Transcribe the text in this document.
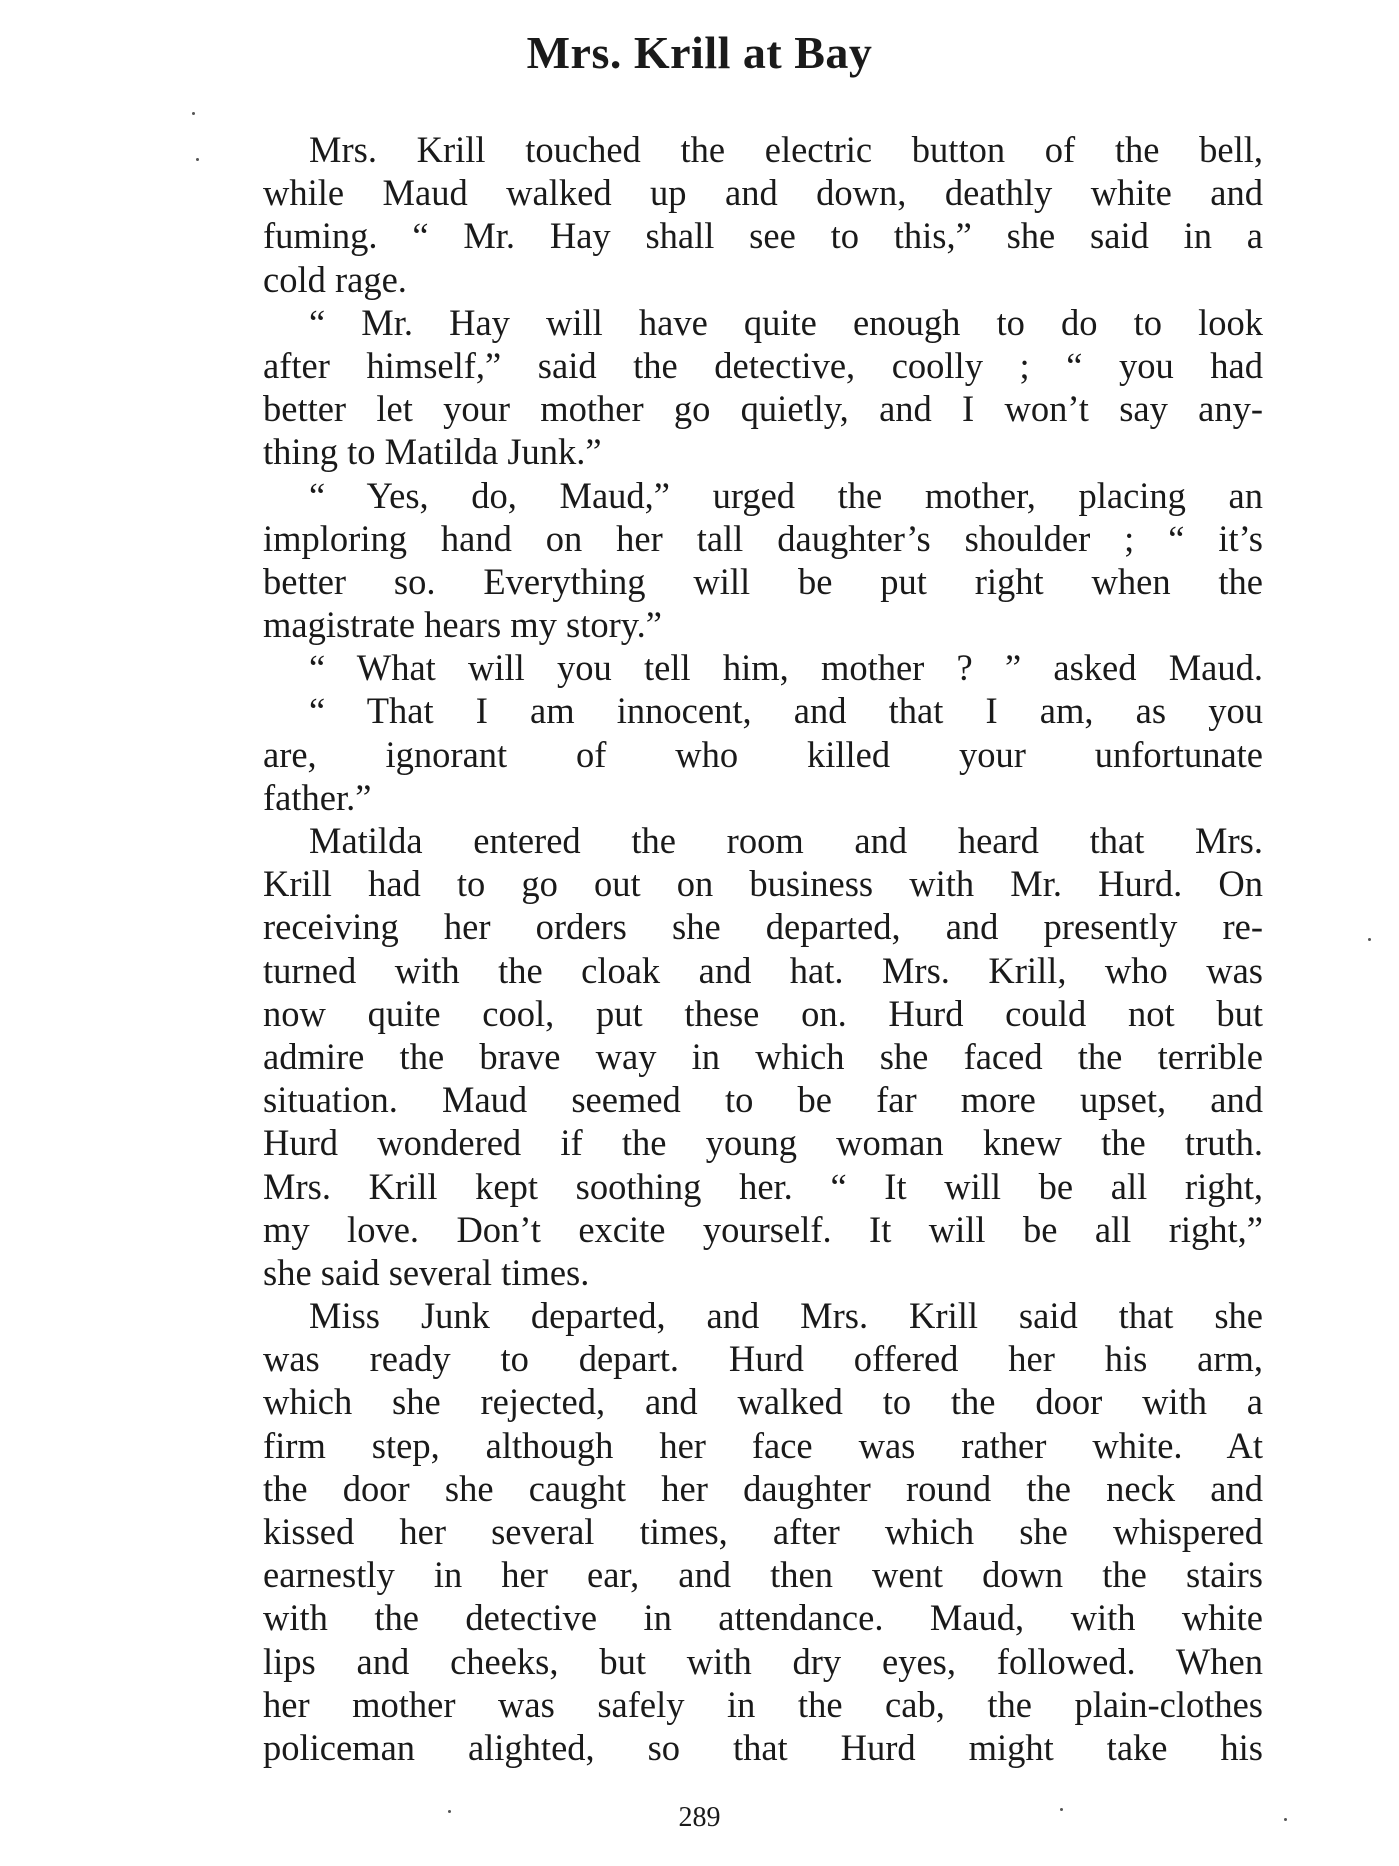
Mrs. Krill at Bay
Mrs. Krill touched the electric button of the bell,
while Maud walked up and down, deathly white and
fuming. “ Mr. Hay shall see to this,” she said in a
cold rage.
“ Mr. Hay will have quite enough to do to look
after himself,” said the detective, coolly ; “ you had
better let your mother go quietly, and I won’t say any-
thing to Matilda Junk.”
“ Yes, do, Maud,” urged the mother, placing an
imploring hand on her tall daughter’s shoulder ; “ it’s
better so. Everything will be put right when the
magistrate hears my story.”
“ What will you tell him, mother ? ” asked Maud.
“ That I am innocent, and that I am, as you
are, ignorant of who killed your unfortunate
father.”
Matilda entered the room and heard that Mrs.
Krill had to go out on business with Mr. Hurd. On
receiving her orders she departed, and presently re-
turned with the cloak and hat. Mrs. Krill, who was
now quite cool, put these on. Hurd could not but
admire the brave way in which she faced the terrible
situation. Maud seemed to be far more upset, and
Hurd wondered if the young woman knew the truth.
Mrs. Krill kept soothing her. “ It will be all right,
my love. Don’t excite yourself. It will be all right,”
she said several times.
Miss Junk departed, and Mrs. Krill said that she
was ready to depart. Hurd offered her his arm,
which she rejected, and walked to the door with a
firm step, although her face was rather white. At
the door she caught her daughter round the neck and
kissed her several times, after which she whispered
earnestly in her ear, and then went down the stairs
with the detective in attendance. Maud, with white
lips and cheeks, but with dry eyes, followed. When
her mother was safely in the cab, the plain-clothes
policeman alighted, so that Hurd might take his
289
